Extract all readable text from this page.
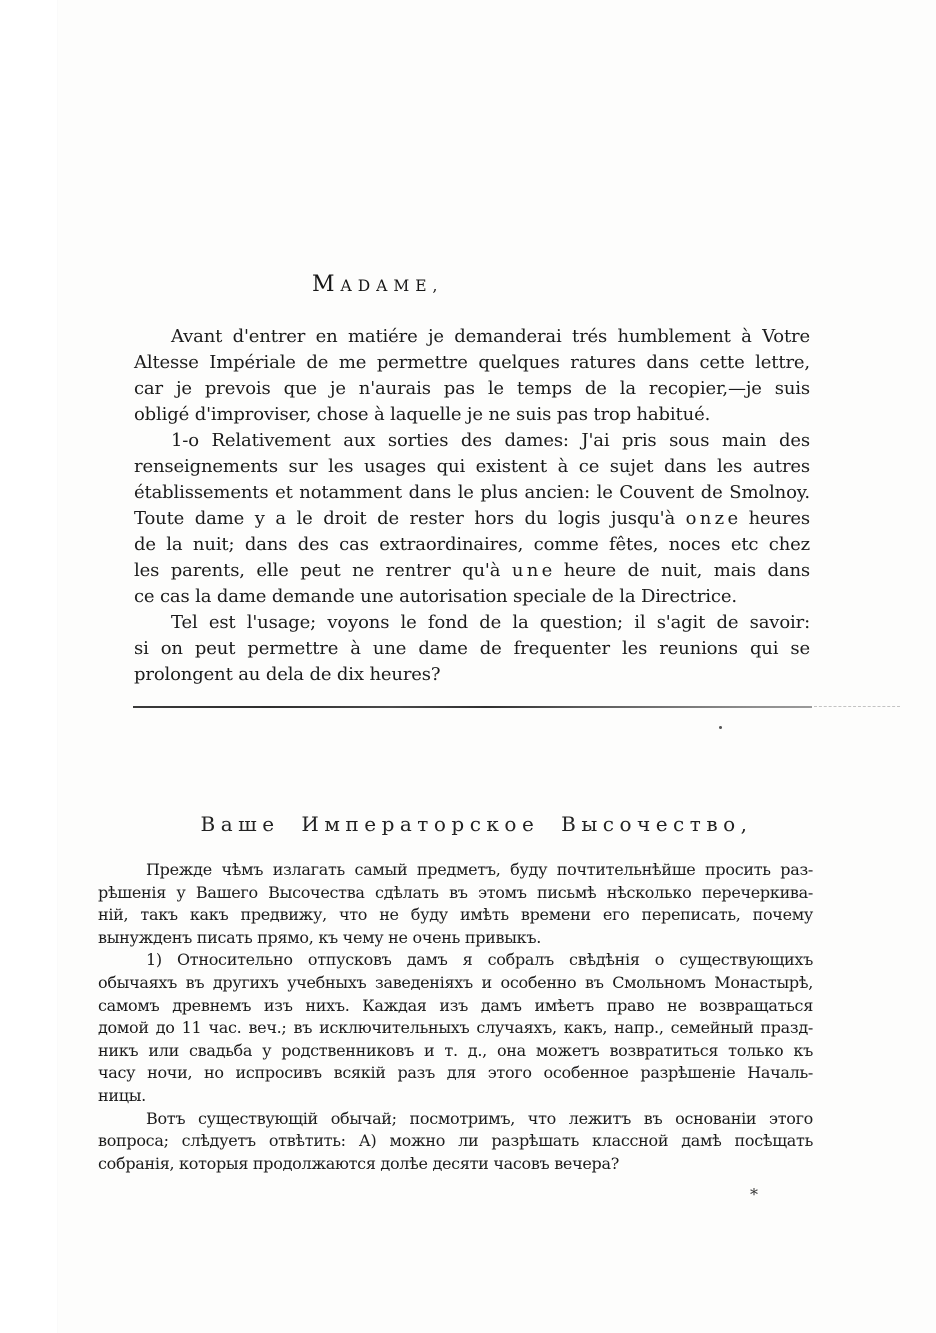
MADAME,
Avant d'entrer en matiére je demanderai trés humblement à Votre
Altesse Impériale de me permettre quelques ratures dans cette lettre,
car je prevois que je n'aurais pas le temps de la recopier,—je suis
obligé d'improviser, chose à laquelle je ne suis pas trop habitué.
1-o Relativement aux sorties des dames: J'ai pris sous main des
renseignements sur les usages qui existent à ce sujet dans les autres
établissements et notamment dans le plus ancien: le Couvent de Smolnoy.
Toute dame y a le droit de rester hors du logis jusqu'à o n z e heures
de la nuit; dans des cas extraordinaires, comme fêtes, noces etc chez
les parents, elle peut ne rentrer qu'à u n e heure de nuit, mais dans
ce cas la dame demande une autorisation speciale de la Directrice.
Tel est l'usage; voyons le fond de la question; il s'agit de savoir:
si on peut permettre à une dame de frequenter les reunions qui se
prolongent au dela de dix heures?
Ваше Императорское Высочество,
Прежде чѣмъ излагать самый предметъ, буду почтительнѣйше просить раз-
рѣшенія у Вашего Высочества сдѣлать въ этомъ письмѣ нѣсколько перечеркива-
ній, такъ какъ предвижу, что не буду имѣть времени его переписать, почему
вынужденъ писать прямо, къ чему не очень привыкъ.
1) Относительно отпусковъ дамъ я собралъ свѣдѣнія о существующихъ
обычаяхъ въ другихъ учебныхъ заведеніяхъ и особенно въ Смольномъ Монастырѣ,
самомъ древнемъ изъ нихъ. Каждая изъ дамъ имѣетъ право не возвращаться
домой до 11 час. веч.; въ исключительныхъ случаяхъ, какъ, напр., семейный празд-
никъ или свадьба у родственниковъ и т. д., она можетъ возвратиться только къ
часу ночи, но испросивъ всякій разъ для этого особенное разрѣшеніе Началь-
ницы.
Вотъ существующій обычай; посмотримъ, что лежитъ въ основаніи этого
вопроса; слѣдуетъ отвѣтить: А) можно ли разрѣшать классной дамѣ посѣщать
собранія, которыя продолжаются долѣе десяти часовъ вечера?
*
